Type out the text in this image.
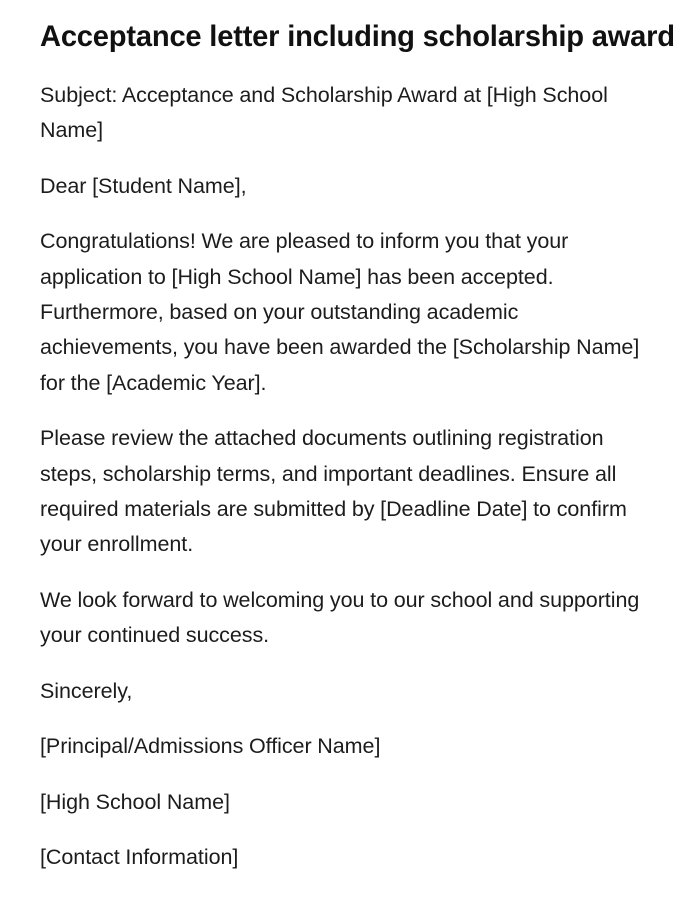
Acceptance letter including scholarship award

Subject: Acceptance and Scholarship Award at [High School Name]

Dear [Student Name],

Congratulations! We are pleased to inform you that your application to [High School Name] has been accepted. Furthermore, based on your outstanding academic achievements, you have been awarded the [Scholarship Name] for the [Academic Year].

Please review the attached documents outlining registration steps, scholarship terms, and important deadlines. Ensure all required materials are submitted by [Deadline Date] to confirm your enrollment.

We look forward to welcoming you to our school and supporting your continued success.

Sincerely,

[Principal/Admissions Officer Name]

[High School Name]

[Contact Information]
